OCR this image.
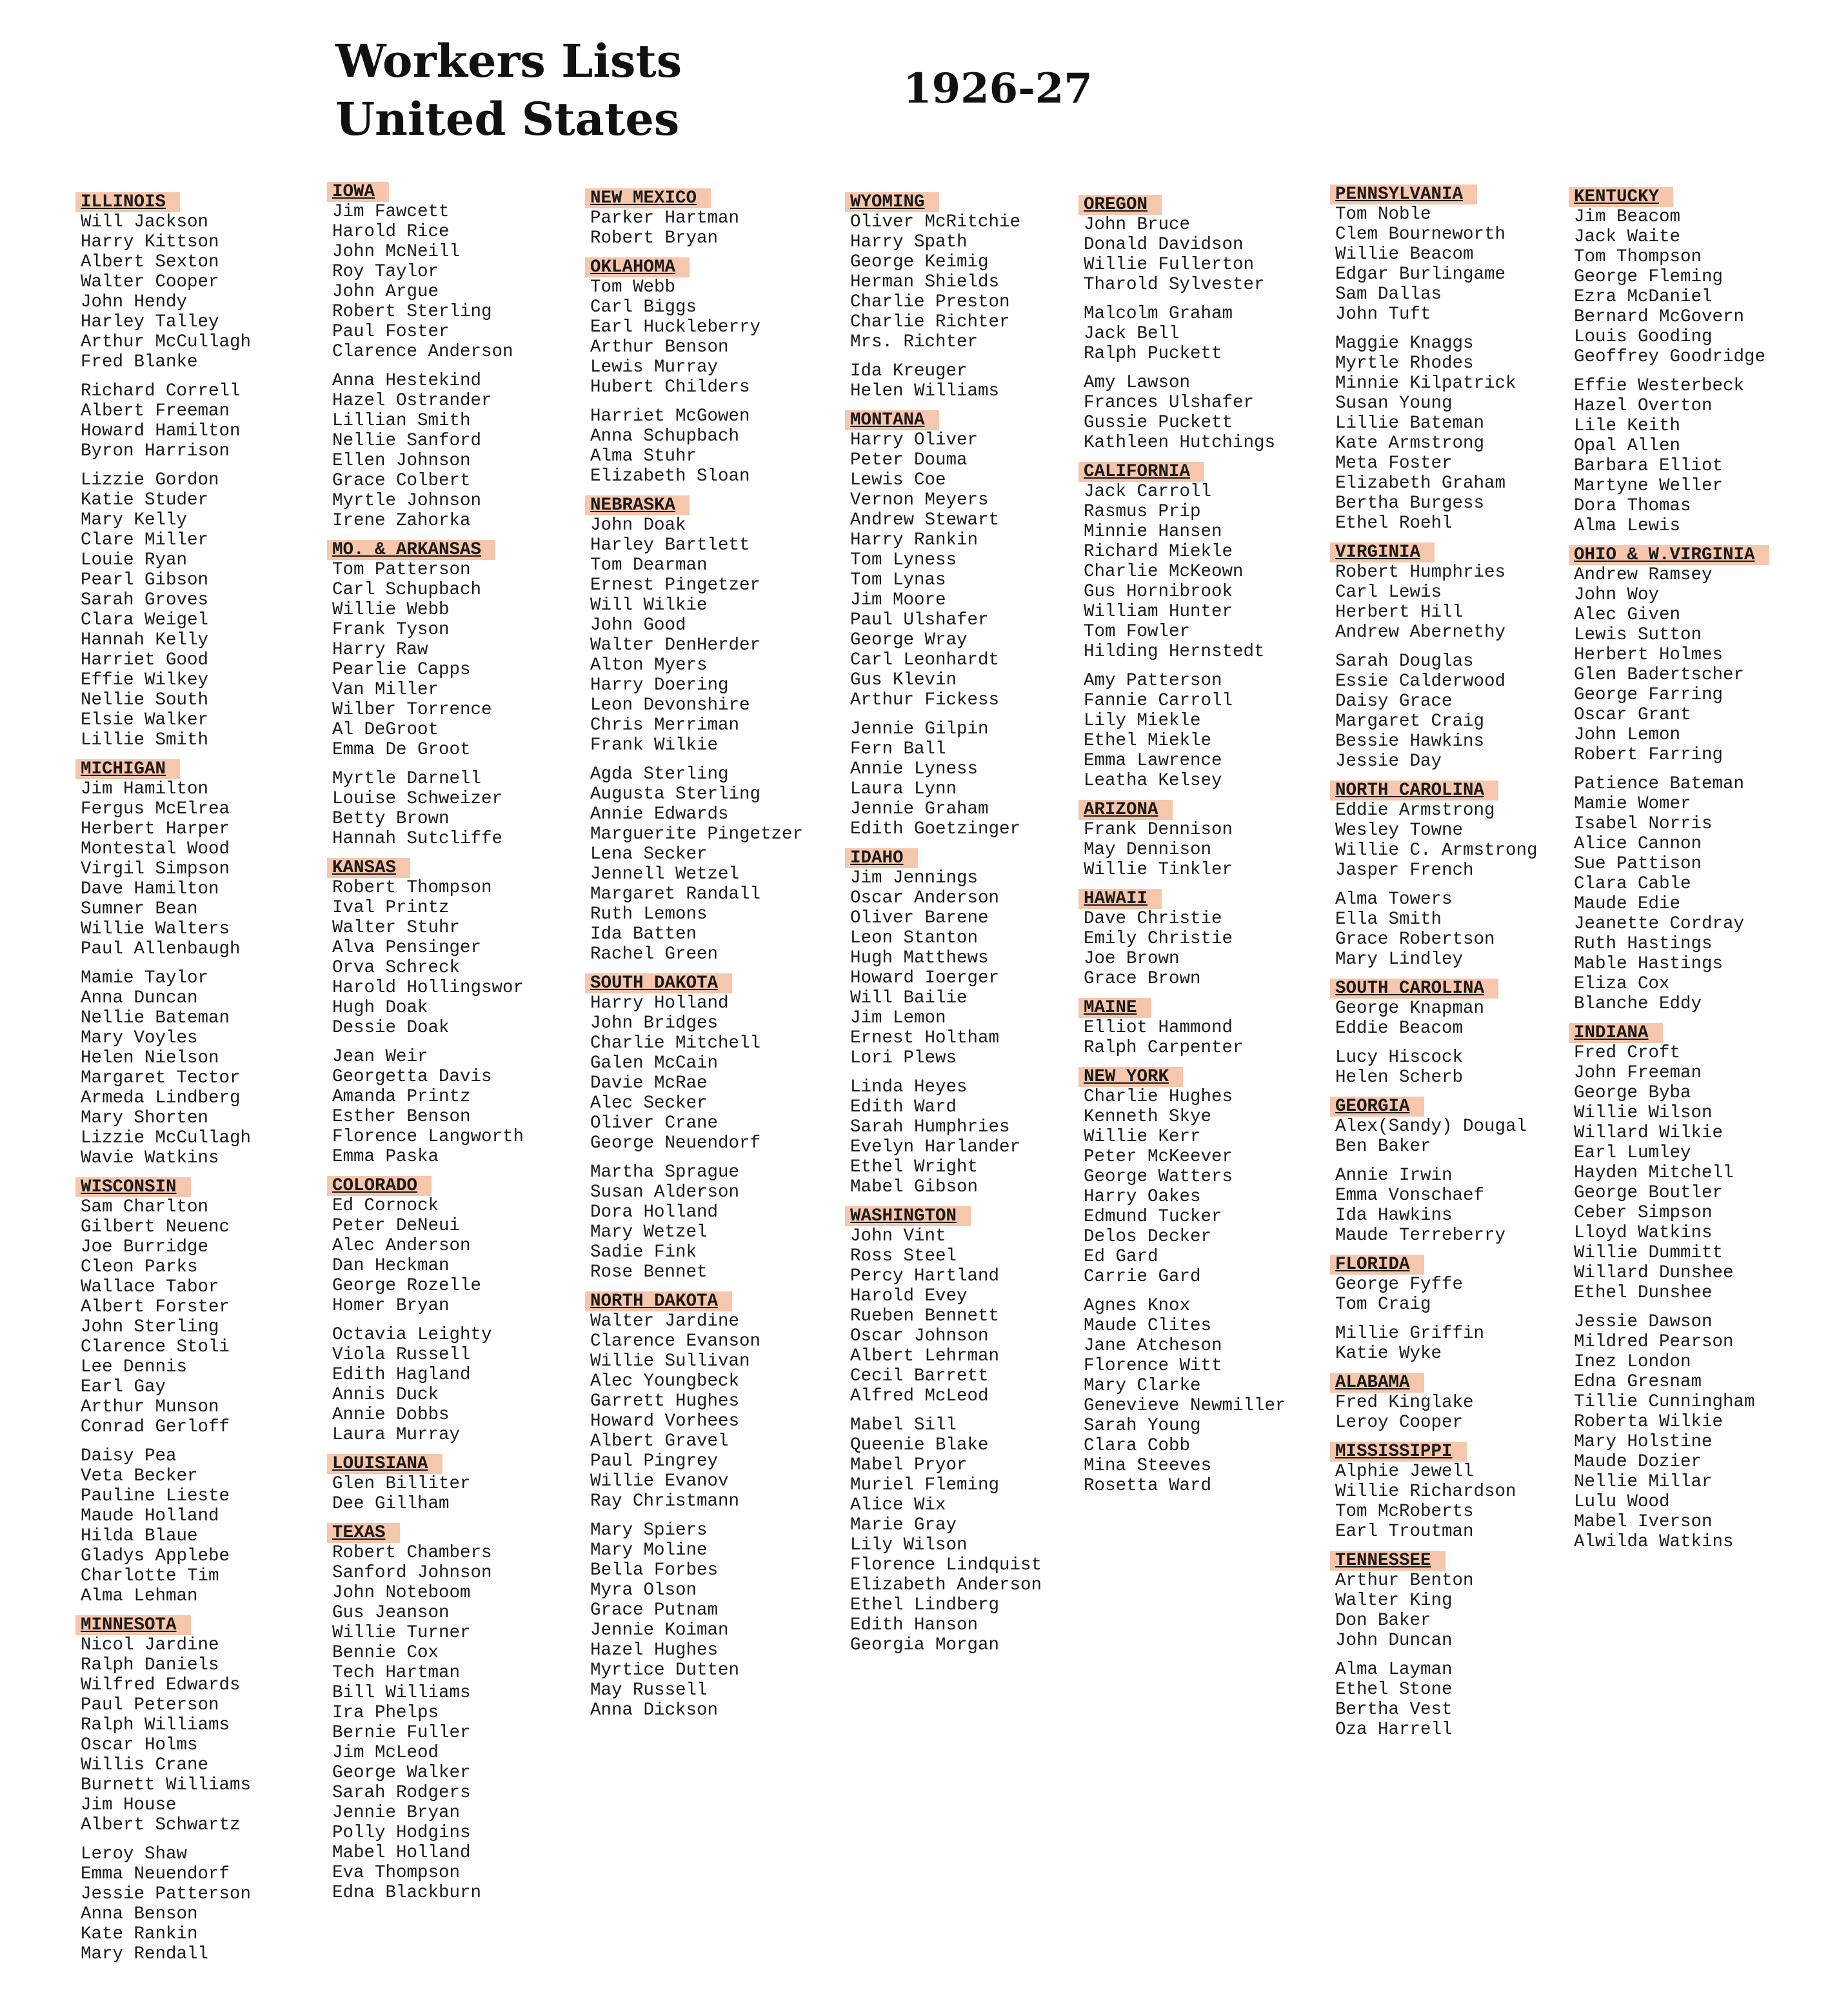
Workers Lists
United States
1926-27
ILLINOIS
Will Jackson
Harry Kittson
Albert Sexton
Walter Cooper
John Hendy
Harley Talley
Arthur McCullagh
Fred Blanke
Richard Correll
Albert Freeman
Howard Hamilton
Byron Harrison
Lizzie Gordon
Katie Studer
Mary Kelly
Clare Miller
Louie Ryan
Pearl Gibson
Sarah Groves
Clara Weigel
Hannah Kelly
Harriet Good
Effie Wilkey
Nellie South
Elsie Walker
Lillie Smith
MICHIGAN
Jim Hamilton
Fergus McElrea
Herbert Harper
Montestal Wood
Virgil Simpson
Dave Hamilton
Sumner Bean
Willie Walters
Paul Allenbaugh
Mamie Taylor
Anna Duncan
Nellie Bateman
Mary Voyles
Helen Nielson
Margaret Tector
Armeda Lindberg
Mary Shorten
Lizzie McCullagh
Wavie Watkins
WISCONSIN
Sam Charlton
Gilbert Neuenc
Joe Burridge
Cleon Parks
Wallace Tabor
Albert Forster
John Sterling
Clarence Stoli
Lee Dennis
Earl Gay
Arthur Munson
Conrad Gerloff
Daisy Pea
Veta Becker
Pauline Lieste
Maude Holland
Hilda Blaue
Gladys Applebe
Charlotte Tim
Alma Lehman
MINNESOTA
Nicol Jardine
Ralph Daniels
Wilfred Edwards
Paul Peterson
Ralph Williams
Oscar Holms
Willis Crane
Burnett Williams
Jim House
Albert Schwartz
Leroy Shaw
Emma Neuendorf
Jessie Patterson
Anna Benson
Kate Rankin
Mary Rendall
IOWA
Jim Fawcett
Harold Rice
John McNeill
Roy Taylor
John Argue
Robert Sterling
Paul Foster
Clarence Anderson
Anna Hestekind
Hazel Ostrander
Lillian Smith
Nellie Sanford
Ellen Johnson
Grace Colbert
Myrtle Johnson
Irene Zahorka
MO. & ARKANSAS
Tom Patterson
Carl Schupbach
Willie Webb
Frank Tyson
Harry Raw
Pearlie Capps
Van Miller
Wilber Torrence
Al DeGroot
Emma De Groot
Myrtle Darnell
Louise Schweizer
Betty Brown
Hannah Sutcliffe
KANSAS
Robert Thompson
Ival Printz
Walter Stuhr
Alva Pensinger
Orva Schreck
Harold Hollingswor
Hugh Doak
Dessie Doak
Jean Weir
Georgetta Davis
Amanda Printz
Esther Benson
Florence Langworth
Emma Paska
COLORADO
Ed Cornock
Peter DeNeui
Alec Anderson
Dan Heckman
George Rozelle
Homer Bryan
Octavia Leighty
Viola Russell
Edith Hagland
Annis Duck
Annie Dobbs
Laura Murray
LOUISIANA
Glen Billiter
Dee Gillham
TEXAS
Robert Chambers
Sanford Johnson
John Noteboom
Gus Jeanson
Willie Turner
Bennie Cox
Tech Hartman
Bill Williams
Ira Phelps
Bernie Fuller
Jim McLeod
George Walker
Sarah Rodgers
Jennie Bryan
Polly Hodgins
Mabel Holland
Eva Thompson
Edna Blackburn
NEW MEXICO
Parker Hartman
Robert Bryan
OKLAHOMA
Tom Webb
Carl Biggs
Earl Huckleberry
Arthur Benson
Lewis Murray
Hubert Childers
Harriet McGowen
Anna Schupbach
Alma Stuhr
Elizabeth Sloan
NEBRASKA
John Doak
Harley Bartlett
Tom Dearman
Ernest Pingetzer
Will Wilkie
John Good
Walter DenHerder
Alton Myers
Harry Doering
Leon Devonshire
Chris Merriman
Frank Wilkie
Agda Sterling
Augusta Sterling
Annie Edwards
Marguerite Pingetzer
Lena Secker
Jennell Wetzel
Margaret Randall
Ruth Lemons
Ida Batten
Rachel Green
SOUTH DAKOTA
Harry Holland
John Bridges
Charlie Mitchell
Galen McCain
Davie McRae
Alec Secker
Oliver Crane
George Neuendorf
Martha Sprague
Susan Alderson
Dora Holland
Mary Wetzel
Sadie Fink
Rose Bennet
NORTH DAKOTA
Walter Jardine
Clarence Evanson
Willie Sullivan
Alec Youngbeck
Garrett Hughes
Howard Vorhees
Albert Gravel
Paul Pingrey
Willie Evanov
Ray Christmann
Mary Spiers
Mary Moline
Bella Forbes
Myra Olson
Grace Putnam
Jennie Koiman
Hazel Hughes
Myrtice Dutten
May Russell
Anna Dickson
WYOMING
Oliver McRitchie
Harry Spath
George Keimig
Herman Shields
Charlie Preston
Charlie Richter
Mrs. Richter
Ida Kreuger
Helen Williams
MONTANA
Harry Oliver
Peter Douma
Lewis Coe
Vernon Meyers
Andrew Stewart
Harry Rankin
Tom Lyness
Tom Lynas
Jim Moore
Paul Ulshafer
George Wray
Carl Leonhardt
Gus Klevin
Arthur Fickess
Jennie Gilpin
Fern Ball
Annie Lyness
Laura Lynn
Jennie Graham
Edith Goetzinger
IDAHO
Jim Jennings
Oscar Anderson
Oliver Barene
Leon Stanton
Hugh Matthews
Howard Ioerger
Will Bailie
Jim Lemon
Ernest Holtham
Lori Plews
Linda Heyes
Edith Ward
Sarah Humphries
Evelyn Harlander
Ethel Wright
Mabel Gibson
WASHINGTON
John Vint
Ross Steel
Percy Hartland
Harold Evey
Rueben Bennett
Oscar Johnson
Albert Lehrman
Cecil Barrett
Alfred McLeod
Mabel Sill
Queenie Blake
Mabel Pryor
Muriel Fleming
Alice Wix
Marie Gray
Lily Wilson
Florence Lindquist
Elizabeth Anderson
Ethel Lindberg
Edith Hanson
Georgia Morgan
OREGON
John Bruce
Donald Davidson
Willie Fullerton
Tharold Sylvester
Malcolm Graham
Jack Bell
Ralph Puckett
Amy Lawson
Frances Ulshafer
Gussie Puckett
Kathleen Hutchings
CALIFORNIA
Jack Carroll
Rasmus Prip
Minnie Hansen
Richard Miekle
Charlie McKeown
Gus Hornibrook
William Hunter
Tom Fowler
Hilding Hernstedt
Amy Patterson
Fannie Carroll
Lily Miekle
Ethel Miekle
Emma Lawrence
Leatha Kelsey
ARIZONA
Frank Dennison
May Dennison
Willie Tinkler
HAWAII
Dave Christie
Emily Christie
Joe Brown
Grace Brown
MAINE
Elliot Hammond
Ralph Carpenter
NEW YORK
Charlie Hughes
Kenneth Skye
Willie Kerr
Peter McKeever
George Watters
Harry Oakes
Edmund Tucker
Delos Decker
Ed Gard
Carrie Gard
Agnes Knox
Maude Clites
Jane Atcheson
Florence Witt
Mary Clarke
Genevieve Newmiller
Sarah Young
Clara Cobb
Mina Steeves
Rosetta Ward
PENNSYLVANIA
Tom Noble
Clem Bourneworth
Willie Beacom
Edgar Burlingame
Sam Dallas
John Tuft
Maggie Knaggs
Myrtle Rhodes
Minnie Kilpatrick
Susan Young
Lillie Bateman
Kate Armstrong
Meta Foster
Elizabeth Graham
Bertha Burgess
Ethel Roehl
VIRGINIA
Robert Humphries
Carl Lewis
Herbert Hill
Andrew Abernethy
Sarah Douglas
Essie Calderwood
Daisy Grace
Margaret Craig
Bessie Hawkins
Jessie Day
NORTH CAROLINA
Eddie Armstrong
Wesley Towne
Willie C. Armstrong
Jasper French
Alma Towers
Ella Smith
Grace Robertson
Mary Lindley
SOUTH CAROLINA
George Knapman
Eddie Beacom
Lucy Hiscock
Helen Scherb
GEORGIA
Alex(Sandy) Dougal
Ben Baker
Annie Irwin
Emma Vonschaef
Ida Hawkins
Maude Terreberry
FLORIDA
George Fyffe
Tom Craig
Millie Griffin
Katie Wyke
ALABAMA
Fred Kinglake
Leroy Cooper
MISSISSIPPI
Alphie Jewell
Willie Richardson
Tom McRoberts
Earl Troutman
TENNESSEE
Arthur Benton
Walter King
Don Baker
John Duncan
Alma Layman
Ethel Stone
Bertha Vest
Oza Harrell
KENTUCKY
Jim Beacom
Jack Waite
Tom Thompson
George Fleming
Ezra McDaniel
Bernard McGovern
Louis Gooding
Geoffrey Goodridge
Effie Westerbeck
Hazel Overton
Lile Keith
Opal Allen
Barbara Elliot
Martyne Weller
Dora Thomas
Alma Lewis
OHIO & W.VIRGINIA
Andrew Ramsey
John Woy
Alec Given
Lewis Sutton
Herbert Holmes
Glen Badertscher
George Farring
Oscar Grant
John Lemon
Robert Farring
Patience Bateman
Mamie Womer
Isabel Norris
Alice Cannon
Sue Pattison
Clara Cable
Maude Edie
Jeanette Cordray
Ruth Hastings
Mable Hastings
Eliza Cox
Blanche Eddy
INDIANA
Fred Croft
John Freeman
George Byba
Willie Wilson
Willard Wilkie
Earl Lumley
Hayden Mitchell
George Boutler
Ceber Simpson
Lloyd Watkins
Willie Dummitt
Willard Dunshee
Ethel Dunshee
Jessie Dawson
Mildred Pearson
Inez London
Edna Gresnam
Tillie Cunningham
Roberta Wilkie
Mary Holstine
Maude Dozier
Nellie Millar
Lulu Wood
Mabel Iverson
Alwilda Watkins
